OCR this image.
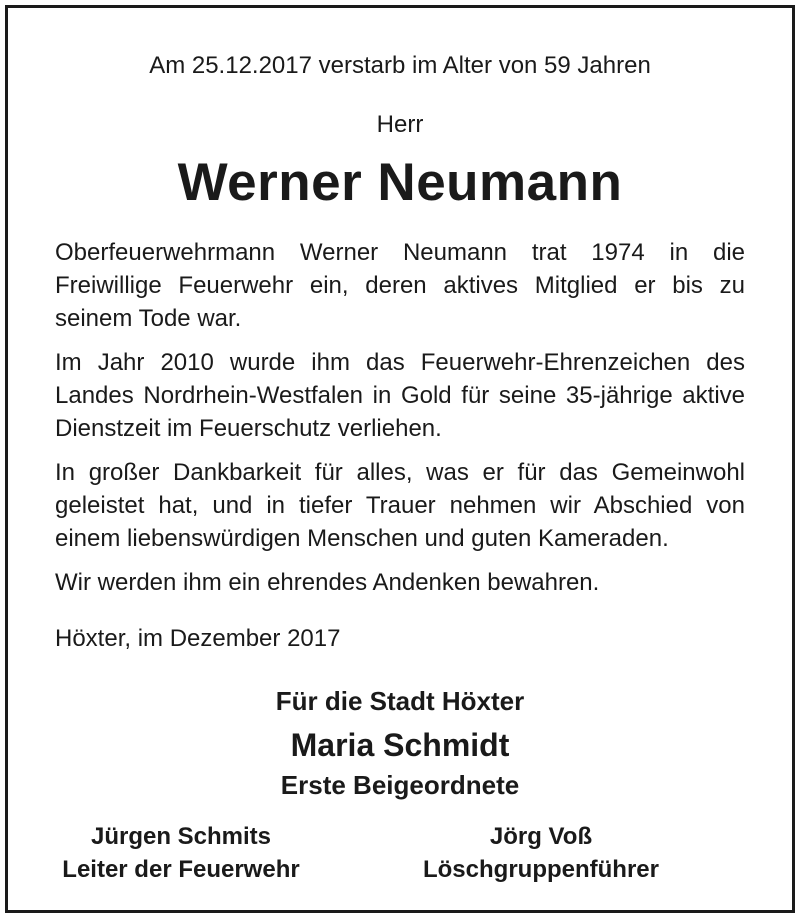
Am 25.12.2017 verstarb im Alter von 59 Jahren
Herr
Werner Neumann

Oberfeuerwehrmann Werner Neumann trat 1974 in die Freiwillige Feuerwehr ein, deren aktives Mitglied er bis zu seinem Tode war.

Im Jahr 2010 wurde ihm das Feuerwehr-Ehrenzeichen des Landes Nordrhein-Westfalen in Gold für seine 35-jährige aktive Dienstzeit im Feuerschutz verliehen.

In großer Dankbarkeit für alles, was er für das Gemeinwohl geleistet hat, und in tiefer Trauer nehmen wir Abschied von einem liebenswürdigen Menschen und guten Kameraden.

Wir werden ihm ein ehrendes Andenken bewahren.

Höxter, im Dezember 2017
Für die Stadt Höxter
Maria Schmidt
Erste Beigeordnete
Jürgen Schmits
Leiter der Feuerwehr
Jörg Voß
Löschgruppenführer
